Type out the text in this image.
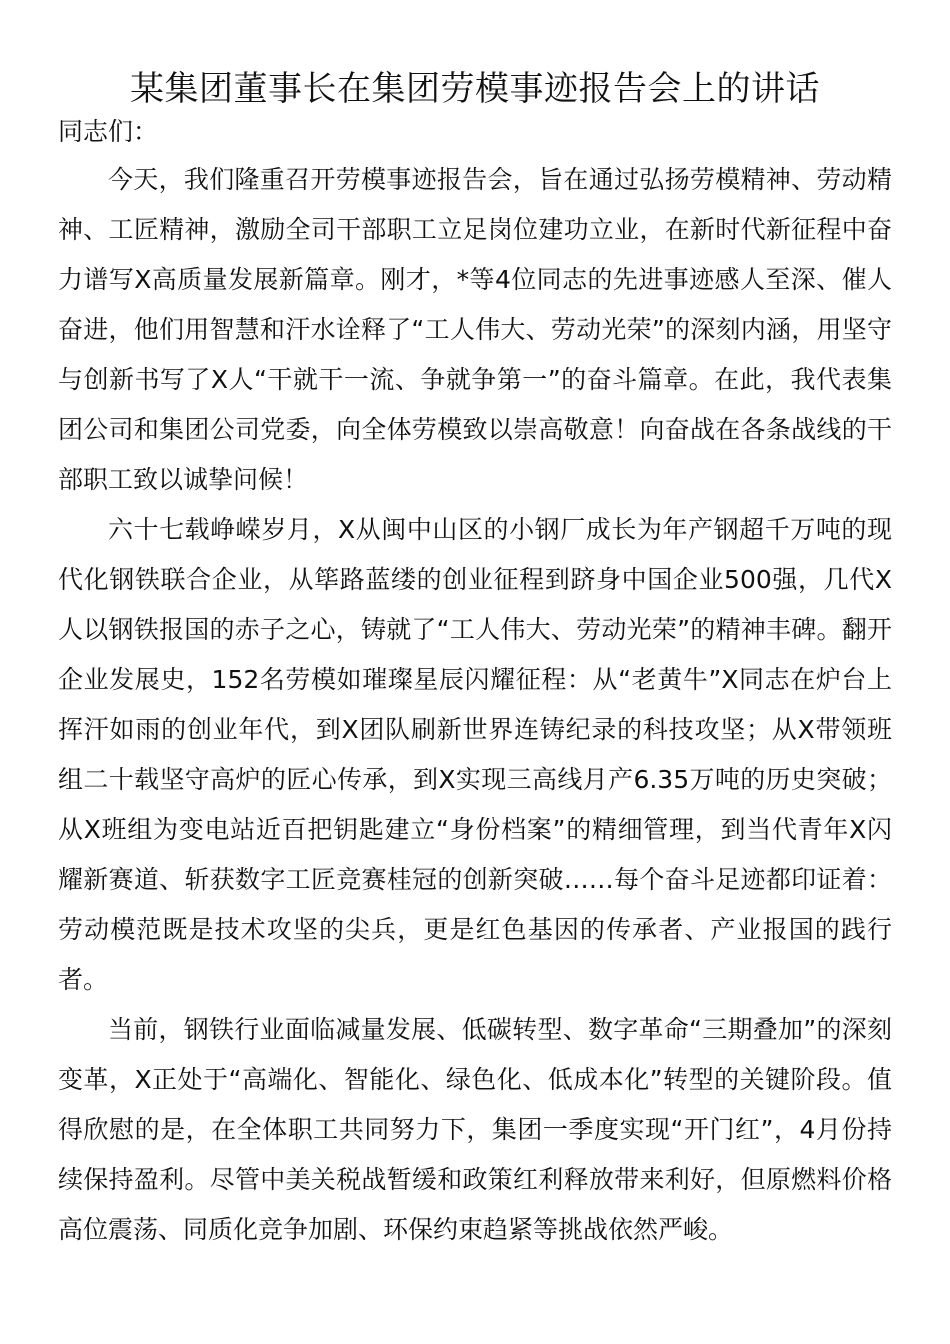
某集团董事长在集团劳模事迹报告会上的讲话

同志们：

今天，我们隆重召开劳模事迹报告会，旨在通过弘扬劳模精神、劳动精神、工匠精神，激励全司干部职工立足岗位建功立业，在新时代新征程中奋力谱写X高质量发展新篇章。刚才，*等4位同志的先进事迹感人至深、催人奋进，他们用智慧和汗水诠释了“工人伟大、劳动光荣”的深刻内涵，用坚守与创新书写了X人“干就干一流、争就争第一”的奋斗篇章。在此，我代表集团公司和集团公司党委，向全体劳模致以崇高敬意！向奋战在各条战线的干部职工致以诚挚问候！

六十七载峥嵘岁月，X从闽中山区的小钢厂成长为年产钢超千万吨的现代化钢铁联合企业，从筚路蓝缕的创业征程到跻身中国企业500强，几代X人以钢铁报国的赤子之心，铸就了“工人伟大、劳动光荣”的精神丰碑。翻开企业发展史，152名劳模如璀璨星辰闪耀征程：从“老黄牛”X同志在炉台上挥汗如雨的创业年代，到X团队刷新世界连铸纪录的科技攻坚；从X带领班组二十载坚守高炉的匠心传承，到X实现三高线月产6.35万吨的历史突破；从X班组为变电站近百把钥匙建立“身份档案”的精细管理，到当代青年X闪耀新赛道、斩获数字工匠竞赛桂冠的创新突破……每个奋斗足迹都印证着：劳动模范既是技术攻坚的尖兵，更是红色基因的传承者、产业报国的践行者。

当前，钢铁行业面临减量发展、低碳转型、数字革命“三期叠加”的深刻变革，X正处于“高端化、智能化、绿色化、低成本化”转型的关键阶段。值得欣慰的是，在全体职工共同努力下，集团一季度实现“开门红”，4月份持续保持盈利。尽管中美关税战暂缓和政策红利释放带来利好，但原燃料价格高位震荡、同质化竞争加剧、环保约束趋紧等挑战依然严峻。
